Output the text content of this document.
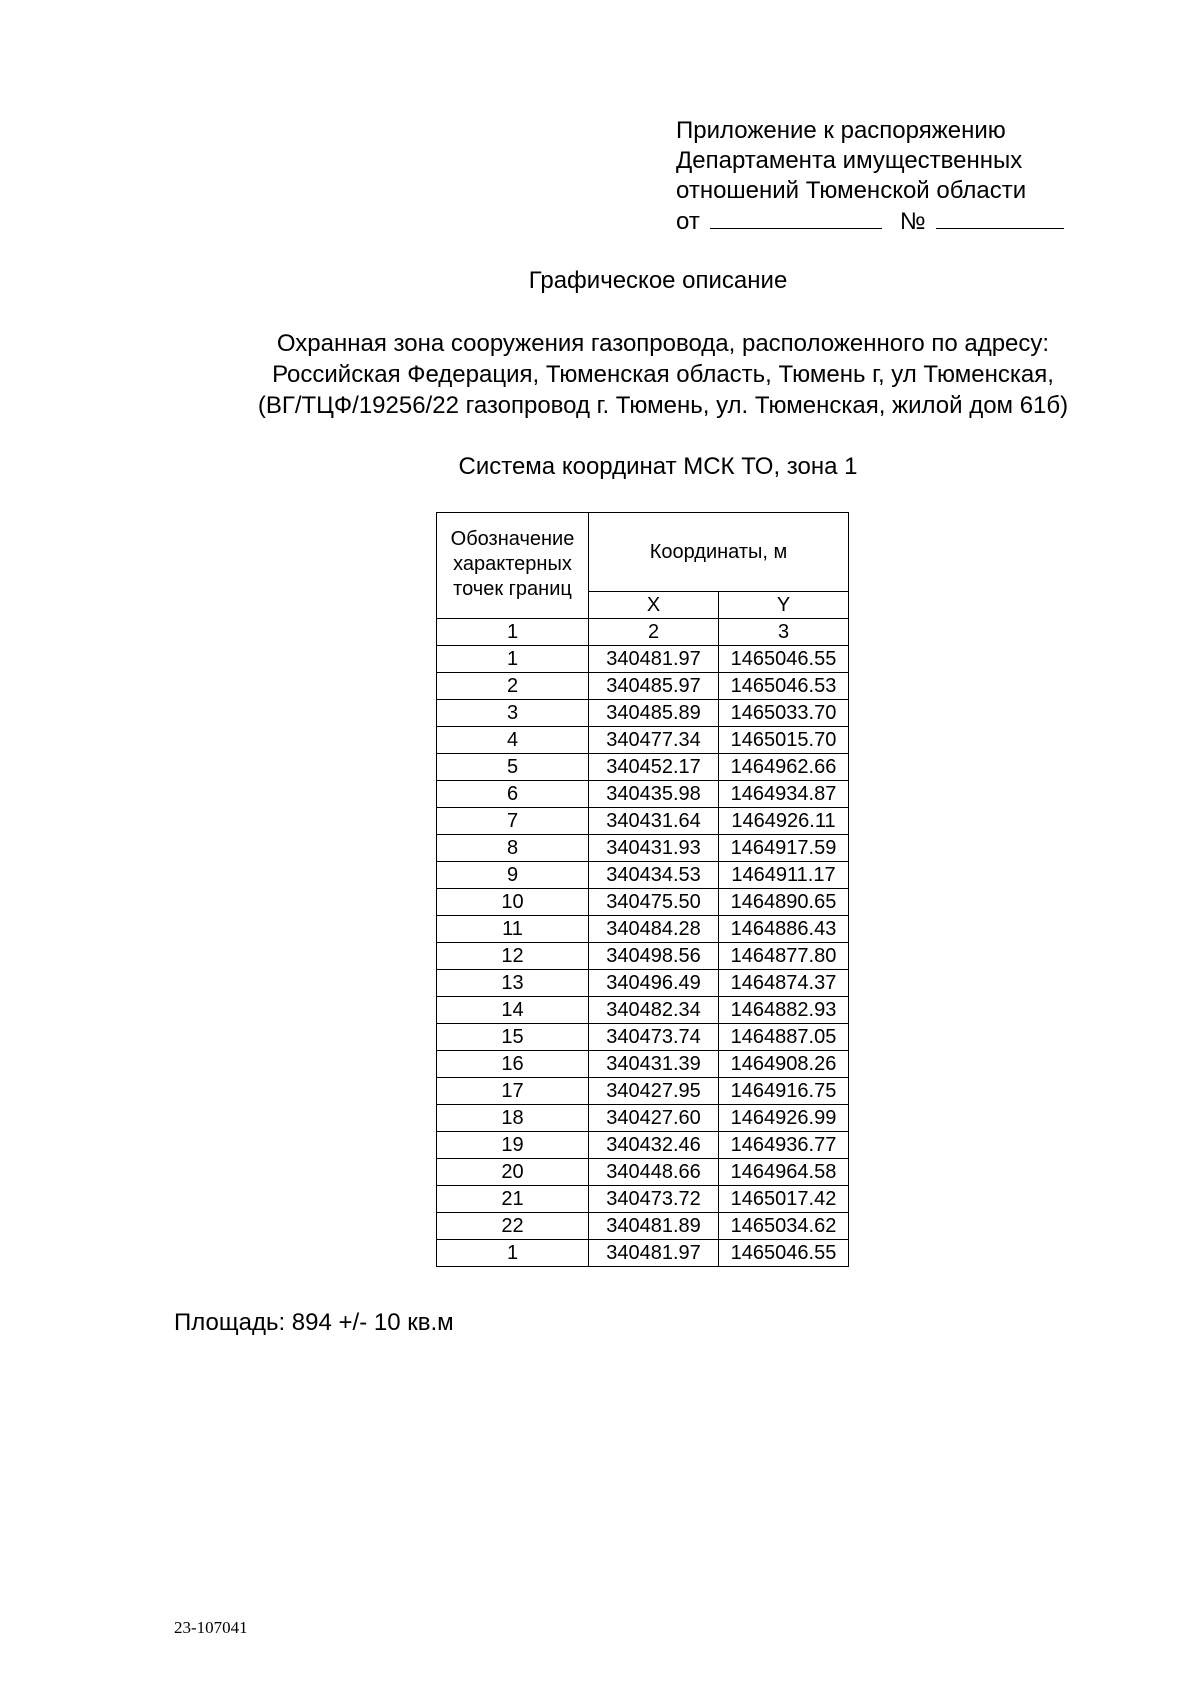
Приложение к распоряжению
Департамента имущественных
отношений Тюменской области
от	№
Графическое описание
Охранная зона сооружения газопровода, расположенного по адресу:
Российская Федерация, Тюменская область, Тюмень г, ул Тюменская,
(ВГ/ТЦФ/19256/22 газопровод г. Тюмень, ул. Тюменская, жилой дом 61б)
Система координат МСК ТО, зона 1
Обозначение характерных точек границ	Координаты, м	
	X	Y
1	2	3
1	340481.97	1465046.55
2	340485.97	1465046.53
3	340485.89	1465033.70
4	340477.34	1465015.70
5	340452.17	1464962.66
6	340435.98	1464934.87
7	340431.64	1464926.11
8	340431.93	1464917.59
9	340434.53	1464911.17
10	340475.50	1464890.65
11	340484.28	1464886.43
12	340498.56	1464877.80
13	340496.49	1464874.37
14	340482.34	1464882.93
15	340473.74	1464887.05
16	340431.39	1464908.26
17	340427.95	1464916.75
18	340427.60	1464926.99
19	340432.46	1464936.77
20	340448.66	1464964.58
21	340473.72	1465017.42
22	340481.89	1465034.62
1	340481.97	1465046.55
Площадь: 894 +/- 10 кв.м
23-107041
